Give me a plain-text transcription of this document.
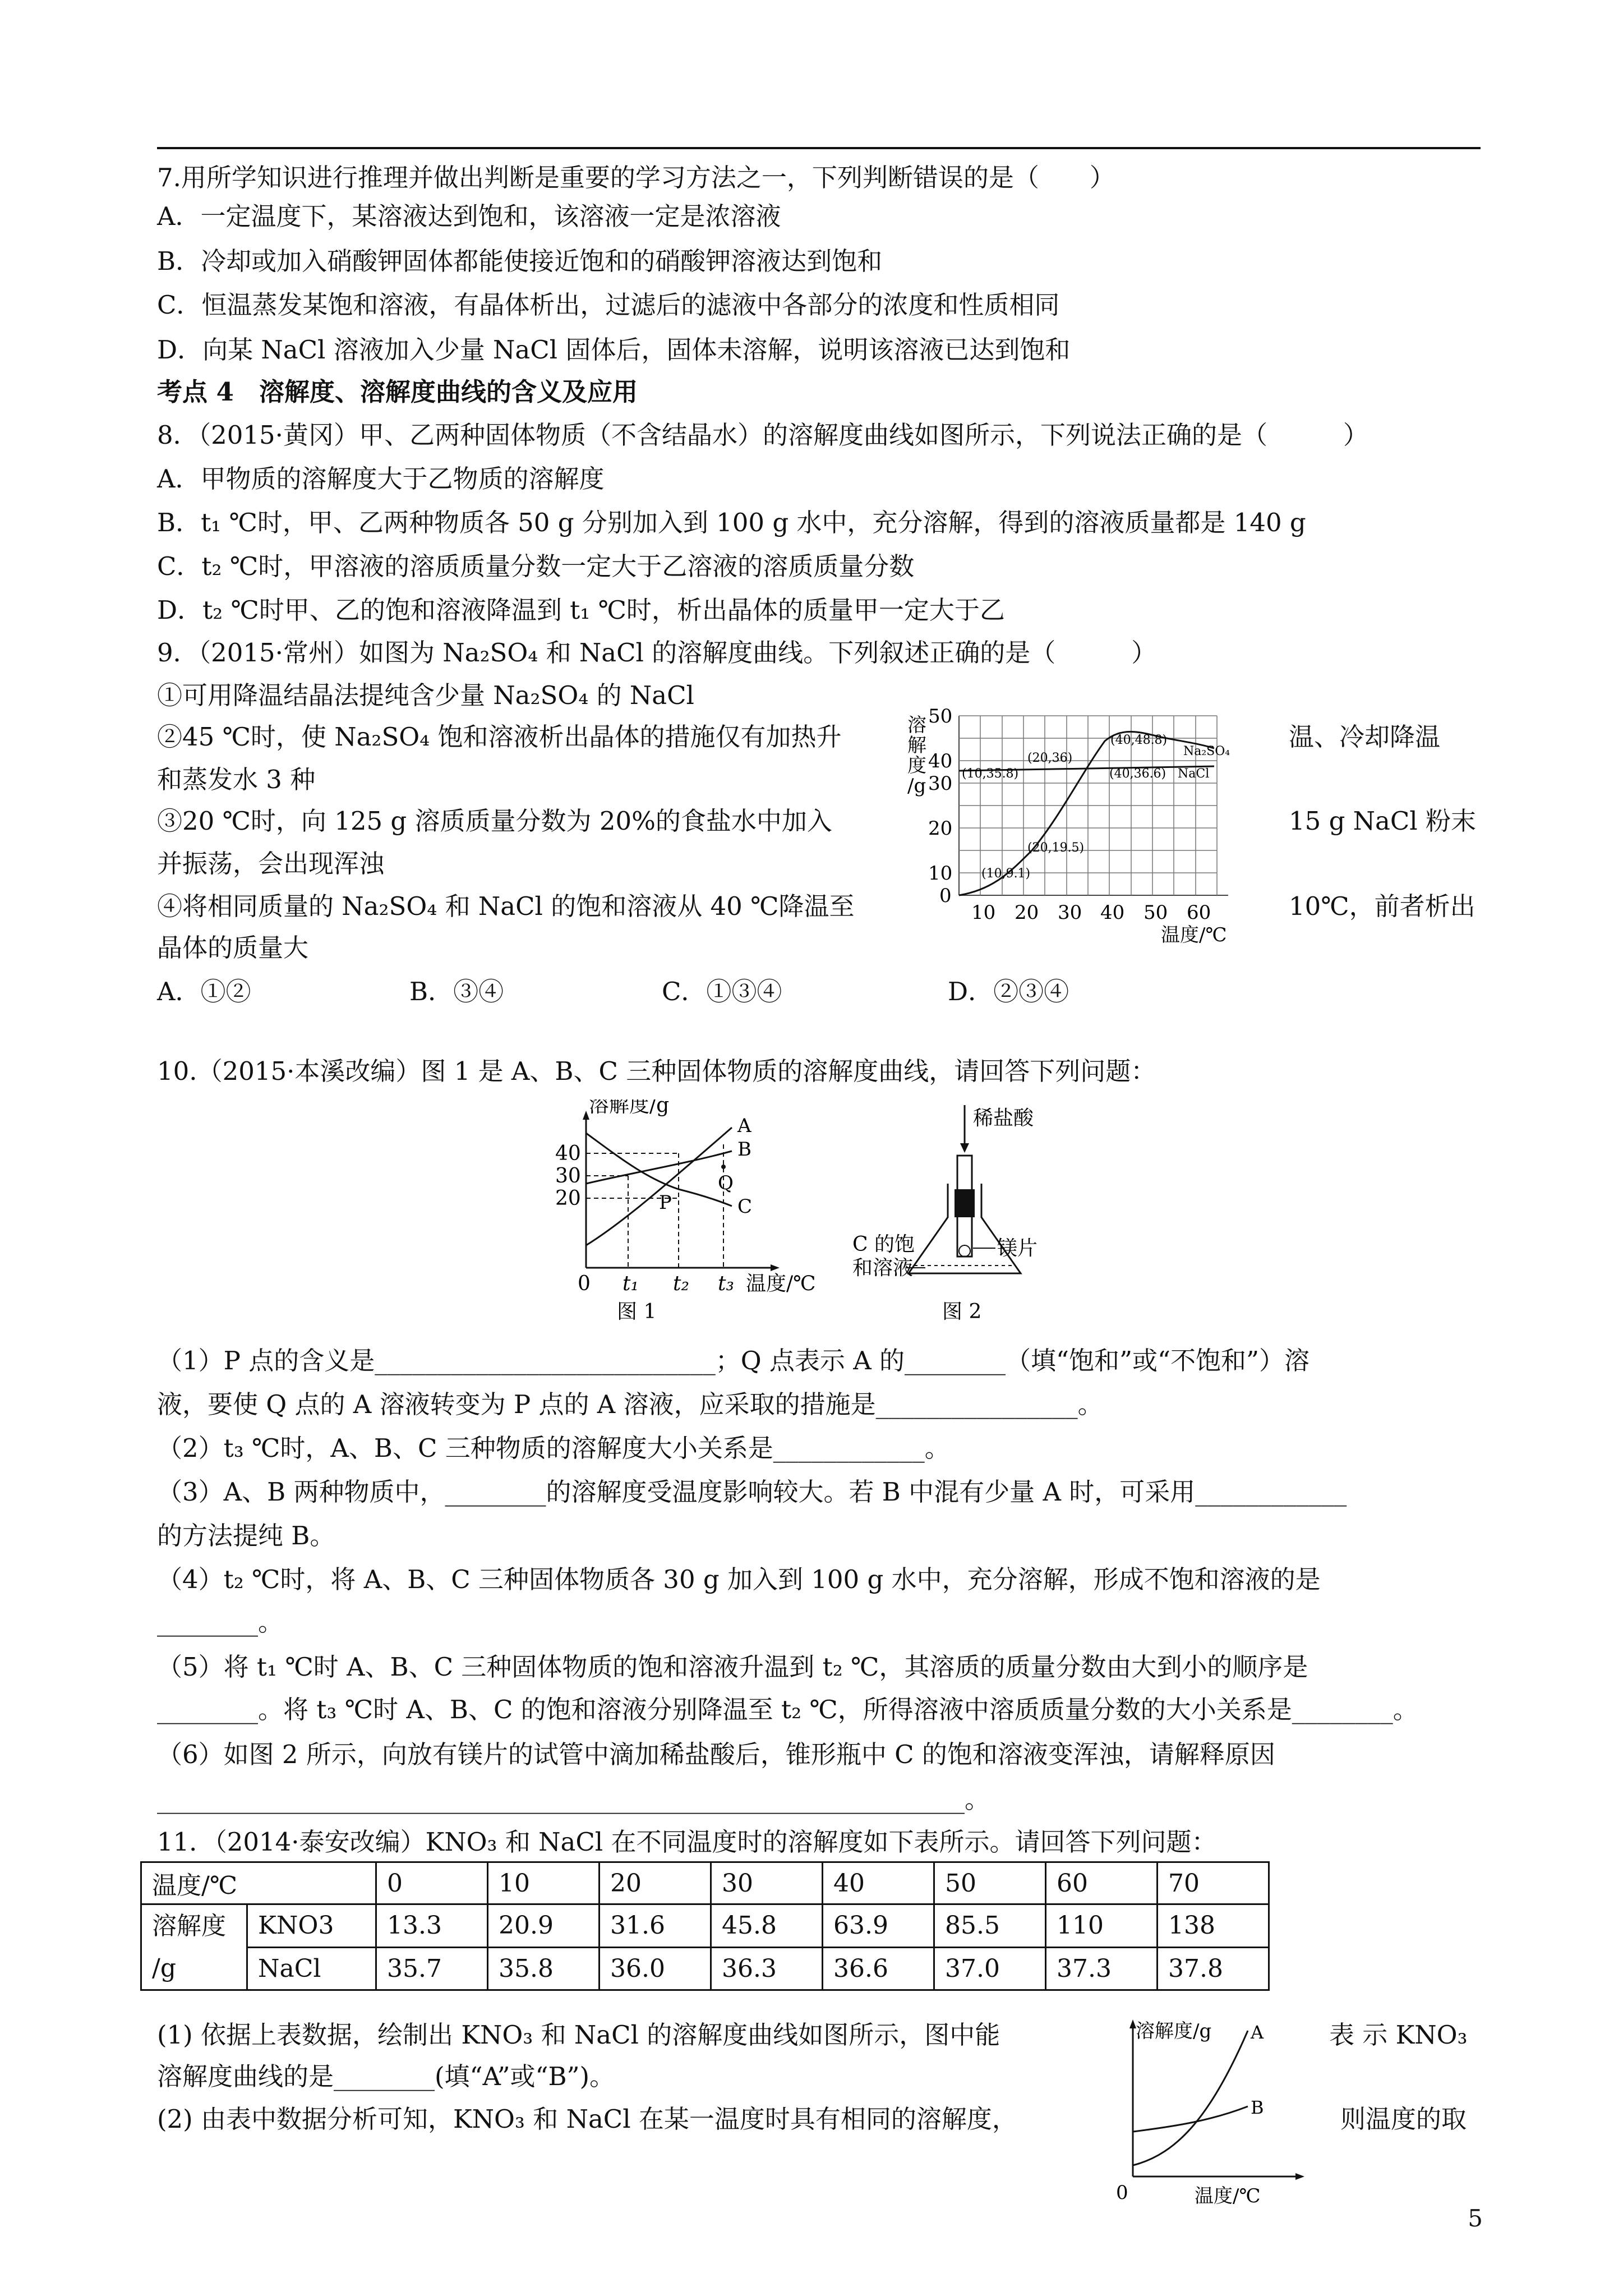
7.用所学知识进行推理并做出判断是重要的学习方法之一，下列判断错误的是（　　）
A．一定温度下，某溶液达到饱和，该溶液一定是浓溶液
B．冷却或加入硝酸钾固体都能使接近饱和的硝酸钾溶液达到饱和
C．恒温蒸发某饱和溶液，有晶体析出，过滤后的滤液中各部分的浓度和性质相同
D．向某 NaCl 溶液加入少量 NaCl 固体后，固体未溶解，说明该溶液已达到饱和
考点 4　溶解度、溶解度曲线的含义及应用
8．（2015·黄冈）甲、乙两种固体物质（不含结晶水）的溶解度曲线如图所示，下列说法正确的是（　　　）
A．甲物质的溶解度大于乙物质的溶解度
B．t₁ ℃时，甲、乙两种物质各 50 g 分别加入到 100 g 水中，充分溶解，得到的溶液质量都是 140 g
C．t₂ ℃时，甲溶液的溶质质量分数一定大于乙溶液的溶质质量分数
D．t₂ ℃时甲、乙的饱和溶液降温到 t₁ ℃时，析出晶体的质量甲一定大于乙
9．（2015·常州）如图为 Na₂SO₄ 和 NaCl 的溶解度曲线。下列叙述正确的是（　　　）
①可用降温结晶法提纯含少量 Na₂SO₄ 的 NaCl
②45 ℃时，使 Na₂SO₄ 饱和溶液析出晶体的措施仅有加热升	温、冷却降温
和蒸发水 3 种
③20 ℃时，向 125 g 溶质质量分数为 20%的食盐水中加入	15 g NaCl 粉末
并振荡，会出现浑浊
④将相同质量的 Na₂SO₄ 和 NaCl 的饱和溶液从 40 ℃降温至	10℃，前者析出
晶体的质量大
A．①②	B．③④	C．①③④	D．②③④
溶
解
度
/g
0
10
20
30
40
50
10 20 30 40 50 60
温度/℃
(10,35.8)
(20,36)
(40,48.8)
(40,36.6)
(20,19.5)
(10,9.1)
Na₂SO₄
NaCl
10.（2015·本溪改编）图 1 是 A、B、C 三种固体物质的溶解度曲线，请回答下列问题：
溶解度/g
40
30
20
0 t₁ t₂ t₃ 温度/℃
A
B
C
P
Q
图 1
稀盐酸
镁片
C 的饱
和溶液
图 2
（1）P 点的含义是___________________________；Q 点表示 A 的________（填“饱和”或“不饱和”）溶
液，要使 Q 点的 A 溶液转变为 P 点的 A 溶液，应采取的措施是________________。
（2）t₃ ℃时，A、B、C 三种物质的溶解度大小关系是____________。
（3）A、B 两种物质中，________的溶解度受温度影响较大。若 B 中混有少量 A 时，可采用____________
的方法提纯 B。
（4）t₂ ℃时，将 A、B、C 三种固体物质各 30 g 加入到 100 g 水中，充分溶解，形成不饱和溶液的是
________。
（5）将 t₁ ℃时 A、B、C 三种固体物质的饱和溶液升温到 t₂ ℃，其溶质的质量分数由大到小的顺序是
________。将 t₃ ℃时 A、B、C 的饱和溶液分别降温至 t₂ ℃，所得溶液中溶质质量分数的大小关系是________。
（6）如图 2 所示，向放有镁片的试管中滴加稀盐酸后，锥形瓶中 C 的饱和溶液变浑浊，请解释原因
________________________________________________________________。
11．（2014·泰安改编）KNO₃ 和 NaCl 在不同温度时的溶解度如下表所示。请回答下列问题：
温度/℃		0	10	20	30	40	50	60	70
溶解度
/g	KNO3	13.3	20.9	31.6	45.8	63.9	85.5	110	138
	NaCl	35.7	35.8	36.0	36.3	36.6	37.0	37.3	37.8
(1) 依据上表数据，绘制出 KNO₃ 和 NaCl 的溶解度曲线如图所示，图中能	表 示 KNO₃
溶解度曲线的是________(填“A”或“B”)。
(2) 由表中数据分析可知，KNO₃ 和 NaCl 在某一温度时具有相同的溶解度，	则温度的取
溶解度/g A
B
0	温度/℃
5
